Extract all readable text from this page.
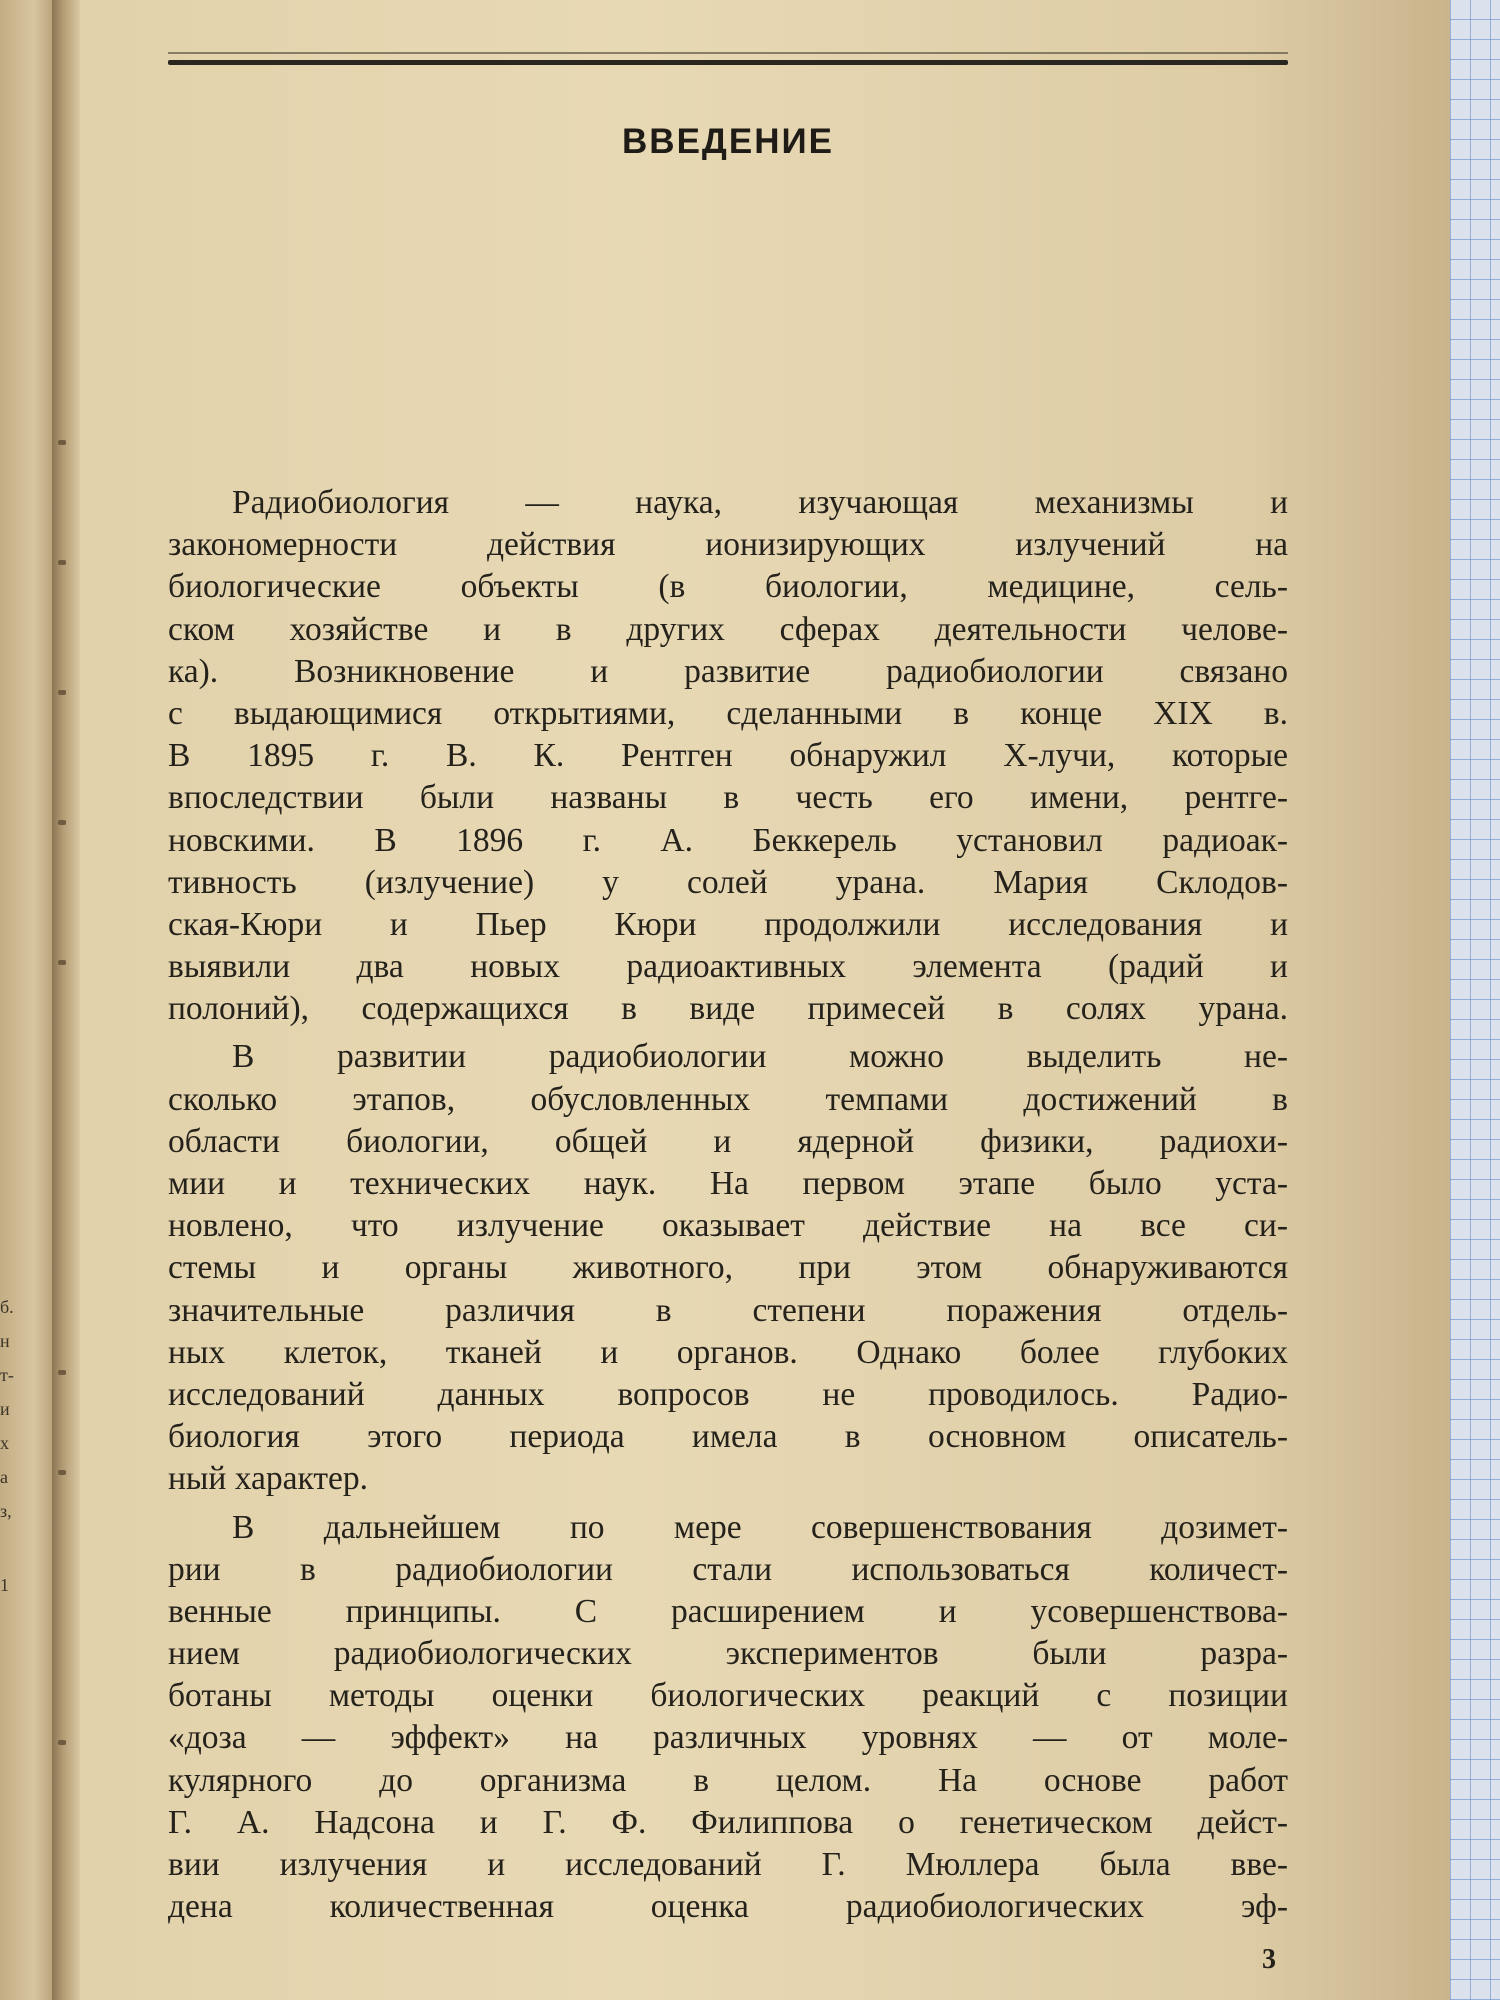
б.
н
т-
и
х
а
з,
1
ВВЕДЕНИЕ
Радиобиология — наука, изучающая механизмы и
закономерности действия ионизирующих излучений на
биологические объекты (в биологии, медицине, сель-
ском хозяйстве и в других сферах деятельности челове-
ка). Возникновение и развитие радиобиологии связано
с выдающимися открытиями, сделанными в конце XIX в.
В 1895 г. В. К. Рентген обнаружил X-лучи, которые
впоследствии были названы в честь его имени, рентге-
новскими. В 1896 г. А. Беккерель установил радиоак-
тивность (излучение) у солей урана. Мария Склодов-
ская-Кюри и Пьер Кюри продолжили исследования и
выявили два новых радиоактивных элемента (радий и
полоний), содержащихся в виде примесей в солях урана.
В развитии радиобиологии можно выделить не-
сколько этапов, обусловленных темпами достижений в
области биологии, общей и ядерной физики, радиохи-
мии и технических наук. На первом этапе было уста-
новлено, что излучение оказывает действие на все си-
стемы и органы животного, при этом обнаруживаются
значительные различия в степени поражения отдель-
ных клеток, тканей и органов. Однако более глубоких
исследований данных вопросов не проводилось. Радио-
биология этого периода имела в основном описатель-
ный характер.
В дальнейшем по мере совершенствования дозимет-
рии в радиобиологии стали использоваться количест-
венные принципы. С расширением и усовершенствова-
нием радиобиологических экспериментов были разра-
ботаны методы оценки биологических реакций с позиции
«доза — эффект» на различных уровнях — от моле-
кулярного до организма в целом. На основе работ
Г. А. Надсона и Г. Ф. Филиппова о генетическом дейст-
вии излучения и исследований Г. Мюллера была вве-
дена количественная оценка радиобиологических эф-
3
